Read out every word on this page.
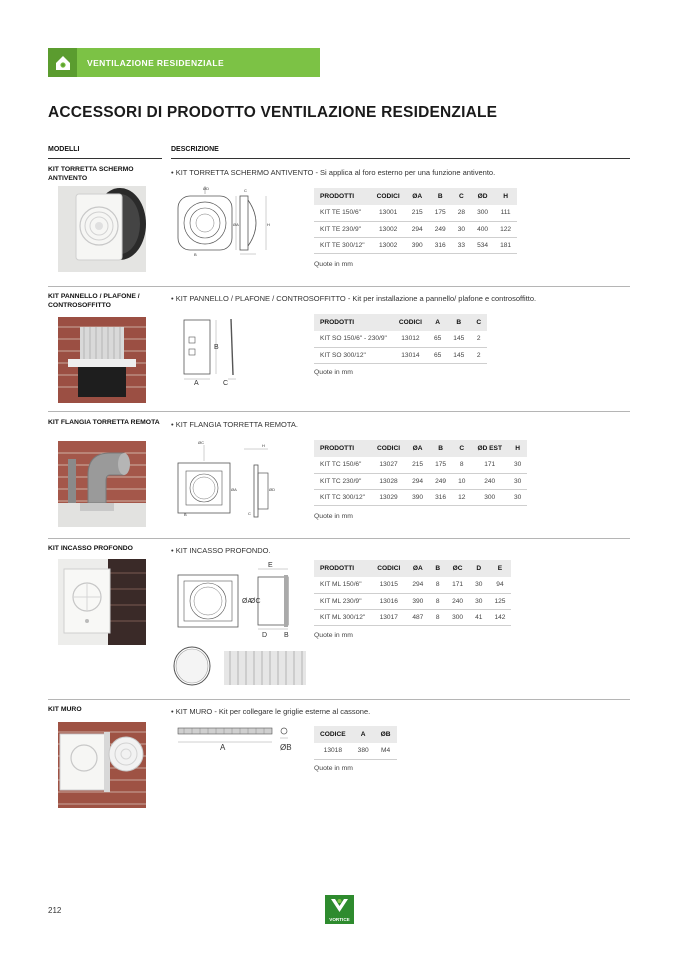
VENTILAZIONE RESIDENZIALE
ACCESSORI DI PRODOTTO VENTILAZIONE RESIDENZIALE
MODELLI	DESCRIZIONE
KIT TORRETTA SCHERMO ANTIVENTO
• KIT TORRETTA SCHERMO ANTIVENTO - Si applica al foro esterno per una funzione antivento.
ØD	C
ØA	H
B
PRODOTTI	CODICI	ØA	B	C	ØD	H
KIT TE 150/6"	13001	215	175	28	300	111
KIT TE 230/9"	13002	294	249	30	400	122
KIT TE 300/12"	13002	390	316	33	534	181
Quote in mm
KIT PANNELLO / PLAFONE / CONTROSOFFITTO
• KIT PANNELLO / PLAFONE / CONTROSOFFITTO - Kit per installazione a pannello/ plafone e controsoffitto.
B
A	C
PRODOTTI	CODICI	A	B	C
KIT SO 150/6" - 230/9"	13012	65	145	2
KIT SO 300/12"	13014	65	145	2
Quote in mm
KIT FLANGIA TORRETTA REMOTA • KIT FLANGIA TORRETTA REMOTA.
ØC
H
ØA	ØD
B	C
PRODOTTI	CODICI	ØA	B	C	ØD EST	H
KIT TC 150/6"	13027	215	175	8	171	30
KIT TC 230/9"	13028	294	249	10	240	30
KIT TC 300/12"	13029	390	316	12	300	30
Quote in mm
KIT INCASSO PROFONDO	• KIT INCASSO PROFONDO.
E
ØA
ØC
D B
PRODOTTI	CODICI	ØA	B	ØC	D	E
KIT ML 150/6"	13015	294	8	171	30	94
KIT ML 230/9"	13016	390	8	240	30	125
KIT ML 300/12"	13017	487	8	300	41	142
Quote in mm
KIT MURO	• KIT MURO - Kit per collegare le griglie esterne al cassone.
A	ØB
CODICE	A	ØB
13018	380	M4
Quote in mm
212
VORTICE
